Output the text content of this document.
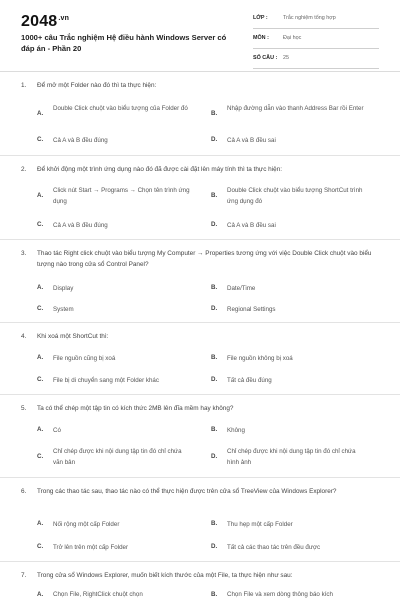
$2048^{.vn}$
1000+ câu Trắc nghiệm Hệ điều hành Windows Server có đáp án - Phần 20
LỚP :	Trắc nghiệm tổng hợp
MÔN :	Đại học
SỐ CÂU : 25
1. Để mở một Folder nào đó thì ta thực hiện:
A.
Double Click chuột vào biểu tượng của Folder đó
B.
Nhập đường dẫn vào thanh Address Bar rồi Enter
C. Cả A và B đều đúng	D. Cả A và B đều sai
2. Để khởi động một trình ứng dụng nào đó đã được cài đặt lên máy tính thì ta thực hiện:
A.
Click nút Start → Programs → Chọn tên trình ứng dụng
B.
Double Click chuột vào biểu tượng ShortCut trình ứng dụng đó
C. Cả A và B đều đúng	D. Cả A và B đều sai
3. Thao tác Right click chuột vào biểu tượng My Computer → Properties tương ứng với việc Double Click chuột vào biểu tượng nào trong cửa sổ Control Panel?
A. Display	B. Date/Time
C. System	D. Regional Settings
4. Khi xoá một ShortCut thì:
A. File nguồn cũng bị xoá	B. File nguồn không bị xoá
C. File bị di chuyển sang một Folder khác	D. Tất cả đều đúng
5. Ta có thể chép một tập tin có kích thức 2MB lên đĩa mềm hay không?
A. Có	B. Không
C.
Chỉ chép được khi nội dung tập tin đó chỉ chứa văn bản
D.
Chỉ chép được khi nội dung tập tin đó chỉ chứa hình ảnh
6. Trong các thao tác sau, thao tác nào có thể thực hiện được trên cửa sổ TreeView của Windows Explorer?
A. Nối rộng một cấp Folder	B. Thu hẹp một cấp Folder
C. Trở lên trên một cấp Folder	D. Tất cả các thao tác trên đều được
7. Trong cửa sổ Windows Explorer, muốn biết kích thước của một File, ta thực hiện như sau:
A. Chọn File, RightClick chuột chọn	B. Chọn File và xem dòng thông báo kích
